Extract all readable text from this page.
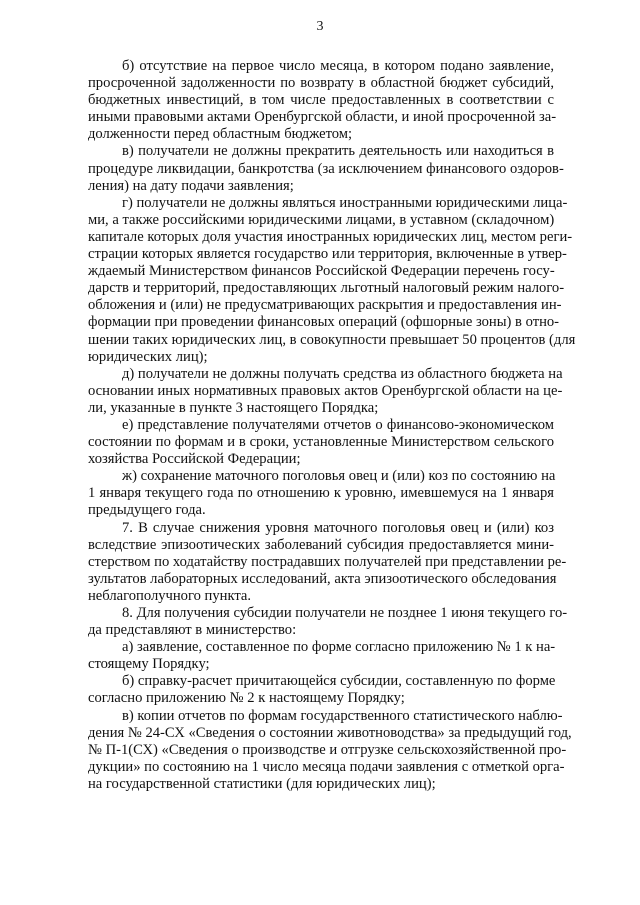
3
б) отсутствие на первое число месяца, в котором подано заявление,
просроченной задолженности по возврату в областной бюджет субсидий,
бюджетных инвестиций, в том числе предоставленных в соответствии с
иными правовыми актами Оренбургской области, и иной просроченной за-
долженности перед областным бюджетом;
в) получатели не должны прекратить деятельность или находиться в
процедуре ликвидации, банкротства (за исключением финансового оздоров-
ления) на дату подачи заявления;
г) получатели не должны являться иностранными юридическими лица-
ми, а также российскими юридическими лицами, в уставном (складочном)
капитале которых доля участия иностранных юридических лиц, местом реги-
страции которых является государство или территория, включенные в утвер-
ждаемый Министерством финансов Российской Федерации перечень госу-
дарств и территорий, предоставляющих льготный налоговый режим налого-
обложения и (или) не предусматривающих раскрытия и предоставления ин-
формации при проведении финансовых операций (офшорные зоны) в отно-
шении таких юридических лиц, в совокупности превышает 50 процентов (для
юридических лиц);
д) получатели не должны получать средства из областного бюджета на
основании иных нормативных правовых актов Оренбургской области на це-
ли, указанные в пункте 3 настоящего Порядка;
е) представление получателями отчетов о финансово-экономическом
состоянии по формам и в сроки, установленные Министерством сельского
хозяйства Российской Федерации;
ж) сохранение маточного поголовья овец и (или) коз по состоянию на
1 января текущего года по отношению к уровню, имевшемуся на 1 января
предыдущего года.
7. В случае снижения уровня маточного поголовья овец и (или) коз
вследствие эпизоотических заболеваний субсидия предоставляется мини-
стерством по ходатайству пострадавших получателей при представлении ре-
зультатов лабораторных исследований, акта эпизоотического обследования
неблагополучного пункта.
8. Для получения субсидии получатели не позднее 1 июня текущего го-
да представляют в министерство:
а) заявление, составленное по форме согласно приложению № 1 к на-
стоящему Порядку;
б) справку-расчет причитающейся субсидии, составленную по форме
согласно приложению № 2 к настоящему Порядку;
в) копии отчетов по формам государственного статистического наблю-
дения № 24-СХ «Сведения о состоянии животноводства» за предыдущий год,
№ П-1(СХ) «Сведения о производстве и отгрузке сельскохозяйственной про-
дукции» по состоянию на 1 число месяца подачи заявления с отметкой орга-
на государственной статистики (для юридических лиц);
